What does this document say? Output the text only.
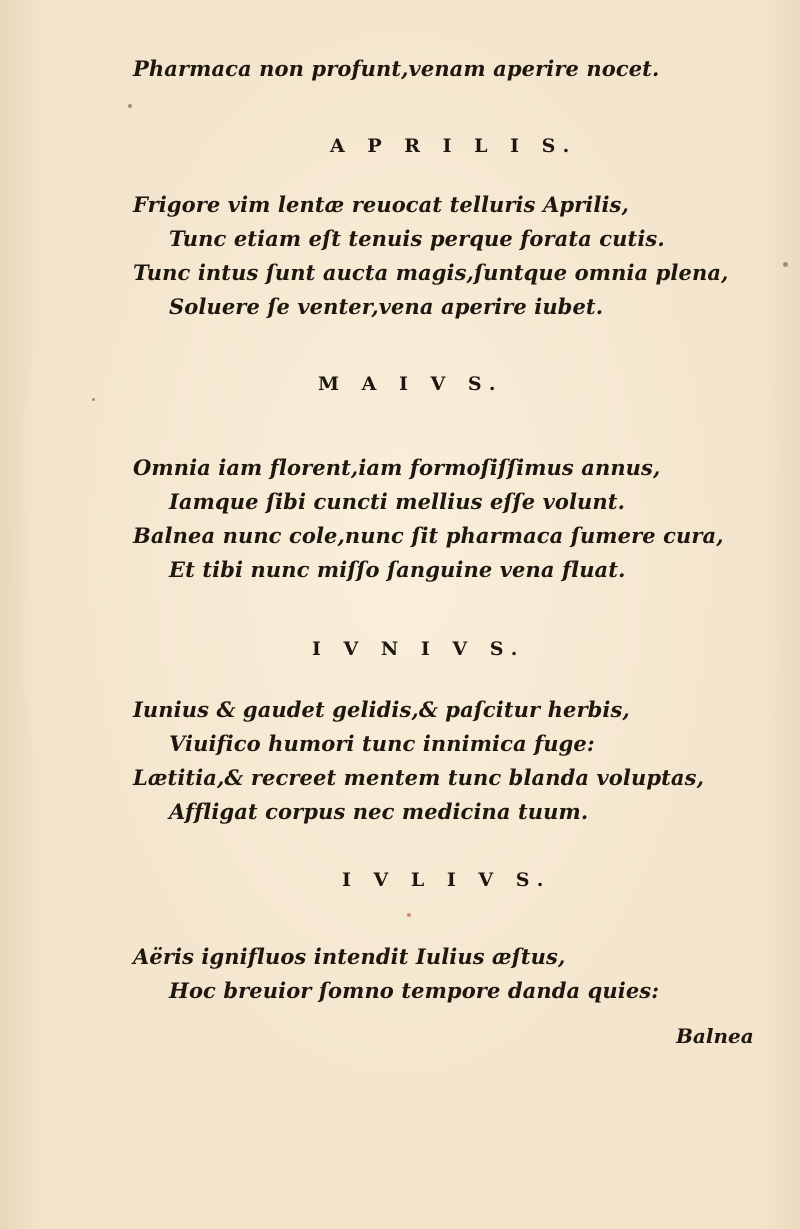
Pharmaca non profunt,venam aperire nocet.
A P R I L I S.
Frigore vim lentæ reuocat telluris Aprilis,
Tunc etiam eſt tenuis perque forata cutis.
Tunc intus ſunt aucta magis,ſuntque omnia plena,
Soluere ſe venter,vena aperire iubet.
M A I V S.
Omnia iam florent,iam formoſiſſimus annus,
Iamque ſibi cuncti mellius eſſe volunt.
Balnea nunc cole,nunc ſit pharmaca ſumere cura,
Et tibi nunc miſſo ſanguine vena fluat.
I V N I V S.
Iunius & gaudet gelidis,& paſcitur herbis,
Viuifico humori tunc innimica fuge:
Lætitia,& recreet mentem tunc blanda voluptas,
Affligat corpus nec medicina tuum.
I V L I V S.
Aëris ignifluos intendit Iulius æſtus,
Hoc breuior ſomno tempore danda quies:
Balnea
